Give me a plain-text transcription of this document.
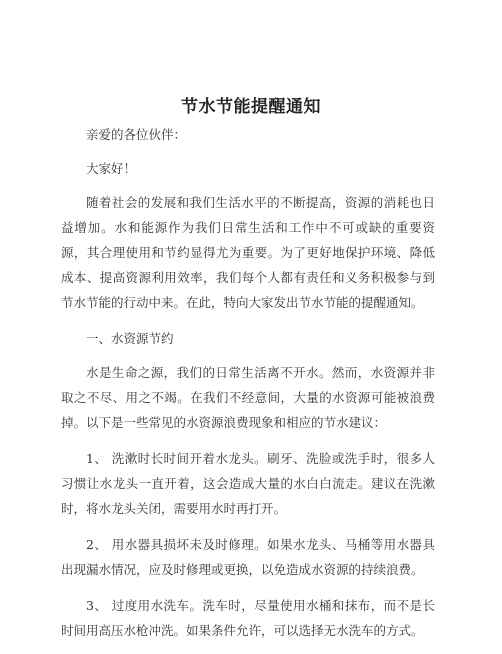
节水节能提醒通知

亲爱的各位伙伴：

大家好！

随着社会的发展和我们生活水平的不断提高，资源的消耗也日益增加。水和能源作为我们日常生活和工作中不可或缺的重要资源，其合理使用和节约显得尤为重要。为了更好地保护环境、降低成本、提高资源利用效率，我们每个人都有责任和义务积极参与到节水节能的行动中来。在此，特向大家发出节水节能的提醒通知。

一、水资源节约

水是生命之源，我们的日常生活离不开水。然而，水资源并非取之不尽、用之不竭。在我们不经意间，大量的水资源可能被浪费掉。以下是一些常见的水资源浪费现象和相应的节水建议：

1、 洗漱时长时间开着水龙头。刷牙、洗脸或洗手时，很多人习惯让水龙头一直开着，这会造成大量的水白白流走。建议在洗漱时，将水龙头关闭，需要用水时再打开。

2、 用水器具损坏未及时修理。如果水龙头、马桶等用水器具出现漏水情况，应及时修理或更换，以免造成水资源的持续浪费。

3、 过度用水洗车。洗车时，尽量使用水桶和抹布，而不是长时间用高压水枪冲洗。如果条件允许，可以选择无水洗车的方式。
